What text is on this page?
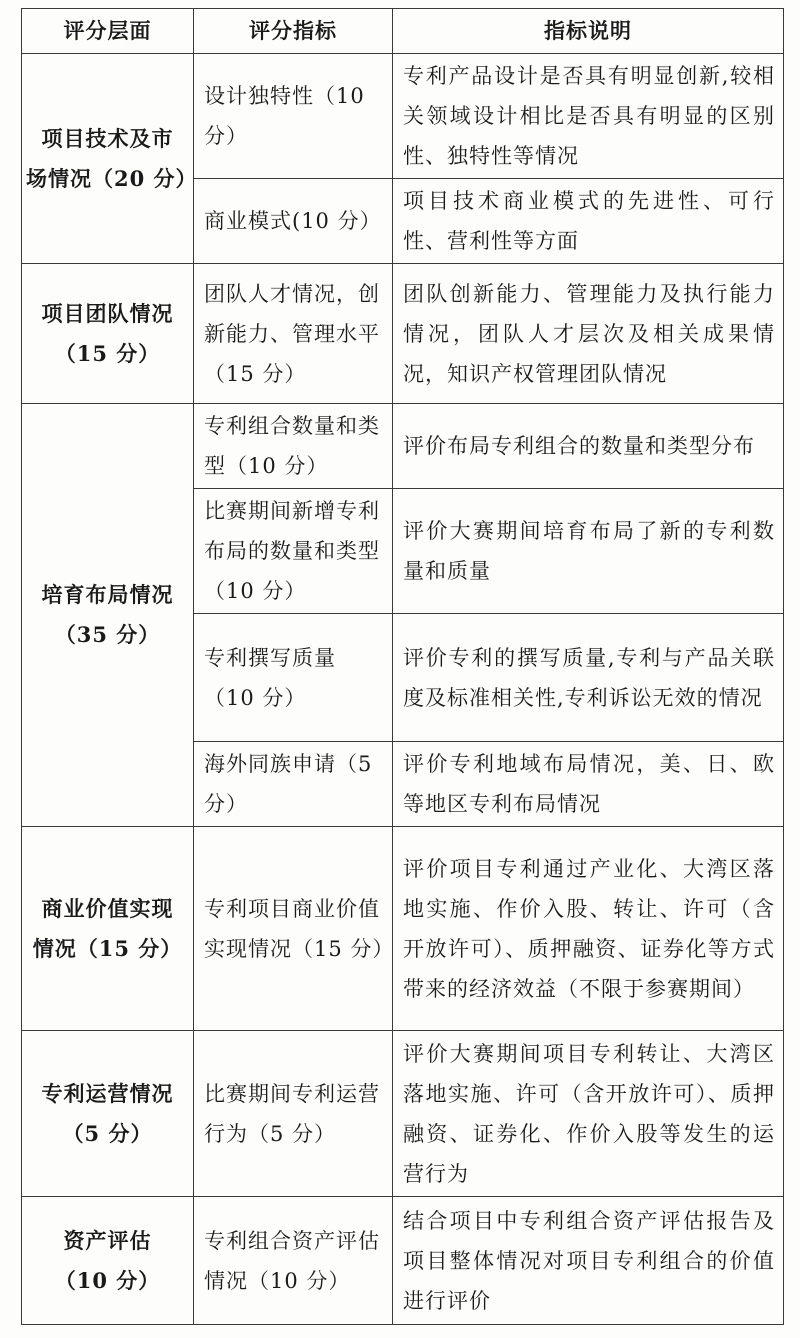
评分层面	评分指标	指标说明

项目技术及市
场情况（20 分）	设计独特性（10 分）	专利产品设计是否具有明显创新,较相关领域设计相比是否具有明显的区别性、独特性等情况
	商业模式(10 分）	项目技术商业模式的先进性、可行性、营利性等方面

项目团队情况
（15 分）	团队人才情况，创新能力、管理水平（15 分）	团队创新能力、管理能力及执行能力情况，团队人才层次及相关成果情况，知识产权管理团队情况

培育布局情况
（35 分）	专利组合数量和类型（10 分）	评价布局专利组合的数量和类型分布
	比赛期间新增专利布局的数量和类型（10 分）	评价大赛期间培育布局了新的专利数量和质量
	专利撰写质量（10 分）	评价专利的撰写质量,专利与产品关联度及标准相关性,专利诉讼无效的情况
	海外同族申请（5 分）	评价专利地域布局情况，美、日、欧等地区专利布局情况

商业价值实现
情况（15 分）	专利项目商业价值实现情况（15 分）	评价项目专利通过产业化、大湾区落地实施、作价入股、转让、许可（含开放许可）、质押融资、证券化等方式带来的经济效益（不限于参赛期间）

专利运营情况
（5 分）	比赛期间专利运营行为（5 分）	评价大赛期间项目专利转让、大湾区落地实施、许可（含开放许可）、质押融资、证券化、作价入股等发生的运营行为

资产评估
（10 分）	专利组合资产评估情况（10 分）	结合项目中专利组合资产评估报告及项目整体情况对项目专利组合的价值进行评价
